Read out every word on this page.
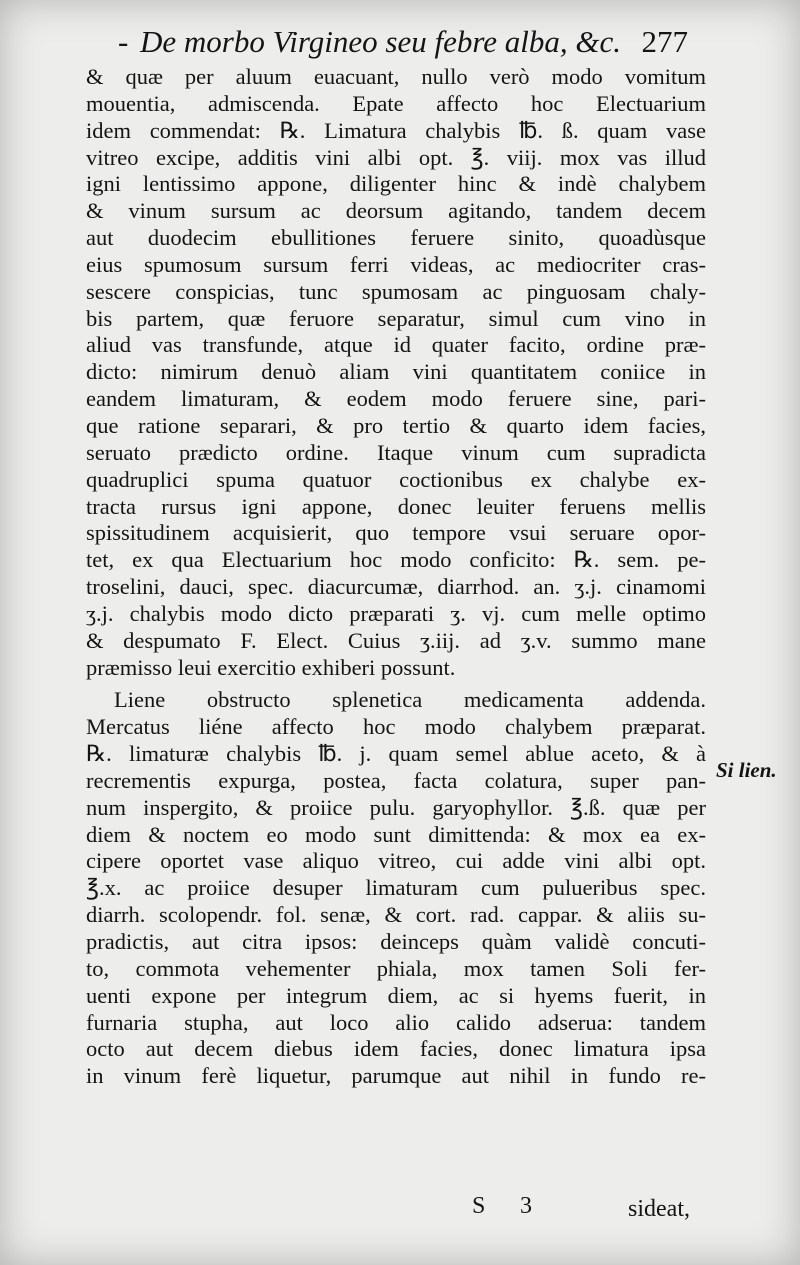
- De morbo Virgineo seu febre alba, &c. 277
& quæ per aluum euacuant, nullo verò modo vomitum
mouentia, admiscenda. Epate affecto hoc Electuarium
idem commendat: ℞. Limatura chalybis ℔. ß. quam vase
vitreo excipe, additis vini albi opt. ℥. viij. mox vas illud
igni lentissimo appone, diligenter hinc & indè chalybem
& vinum sursum ac deorsum agitando, tandem decem
aut duodecim ebullitiones feruere sinito, quoadùsque
eius spumosum sursum ferri videas, ac mediocriter cras-
sescere conspicias, tunc spumosam ac pinguosam chaly-
bis partem, quæ feruore separatur, simul cum vino in
aliud vas transfunde, atque id quater facito, ordine præ-
dicto: nimirum denuò aliam vini quantitatem coniice in
eandem limaturam, & eodem modo feruere sine, pari-
que ratione separari, & pro tertio & quarto idem facies,
seruato prædicto ordine. Itaque vinum cum supradicta
quadruplici spuma quatuor coctionibus ex chalybe ex-
tracta rursus igni appone, donec leuiter feruens mellis
spissitudinem acquisierit, quo tempore vsui seruare opor-
tet, ex qua Electuarium hoc modo conficito: ℞. sem. pe-
troselini, dauci, spec. diacurcumæ, diarrhod. an. ʒ.j. cinamomi
ʒ.j. chalybis modo dicto præparati ʒ. vj. cum melle optimo
& despumato F. Elect. Cuius ʒ.iij. ad ʒ.v. summo mane
præmisso leui exercitio exhiberi possunt.
Liene obstructo splenetica medicamenta addenda.
Mercatus liéne affecto hoc modo chalybem præparat.
℞. limaturæ chalybis ℔. j. quam semel ablue aceto, & à
recrementis expurga, postea, facta colatura, super pan-
num inspergito, & proiice pulu. garyophyllor. ℥.ß. quæ per
diem & noctem eo modo sunt dimittenda: & mox ea ex-
cipere oportet vase aliquo vitreo, cui adde vini albi opt.
℥.x. ac proiice desuper limaturam cum pulueribus spec.
diarrh. scolopendr. fol. senæ, & cort. rad. cappar. & aliis su-
pradictis, aut citra ipsos: deinceps quàm validè concuti-
to, commota vehementer phiala, mox tamen Soli fer-
uenti expone per integrum diem, ac si hyems fuerit, in
furnaria stupha, aut loco alio calido adserua: tandem
octo aut decem diebus idem facies, donec limatura ipsa
in vinum ferè liquetur, parumque aut nihil in fundo re-
Si lien.
S 3	sideat,
